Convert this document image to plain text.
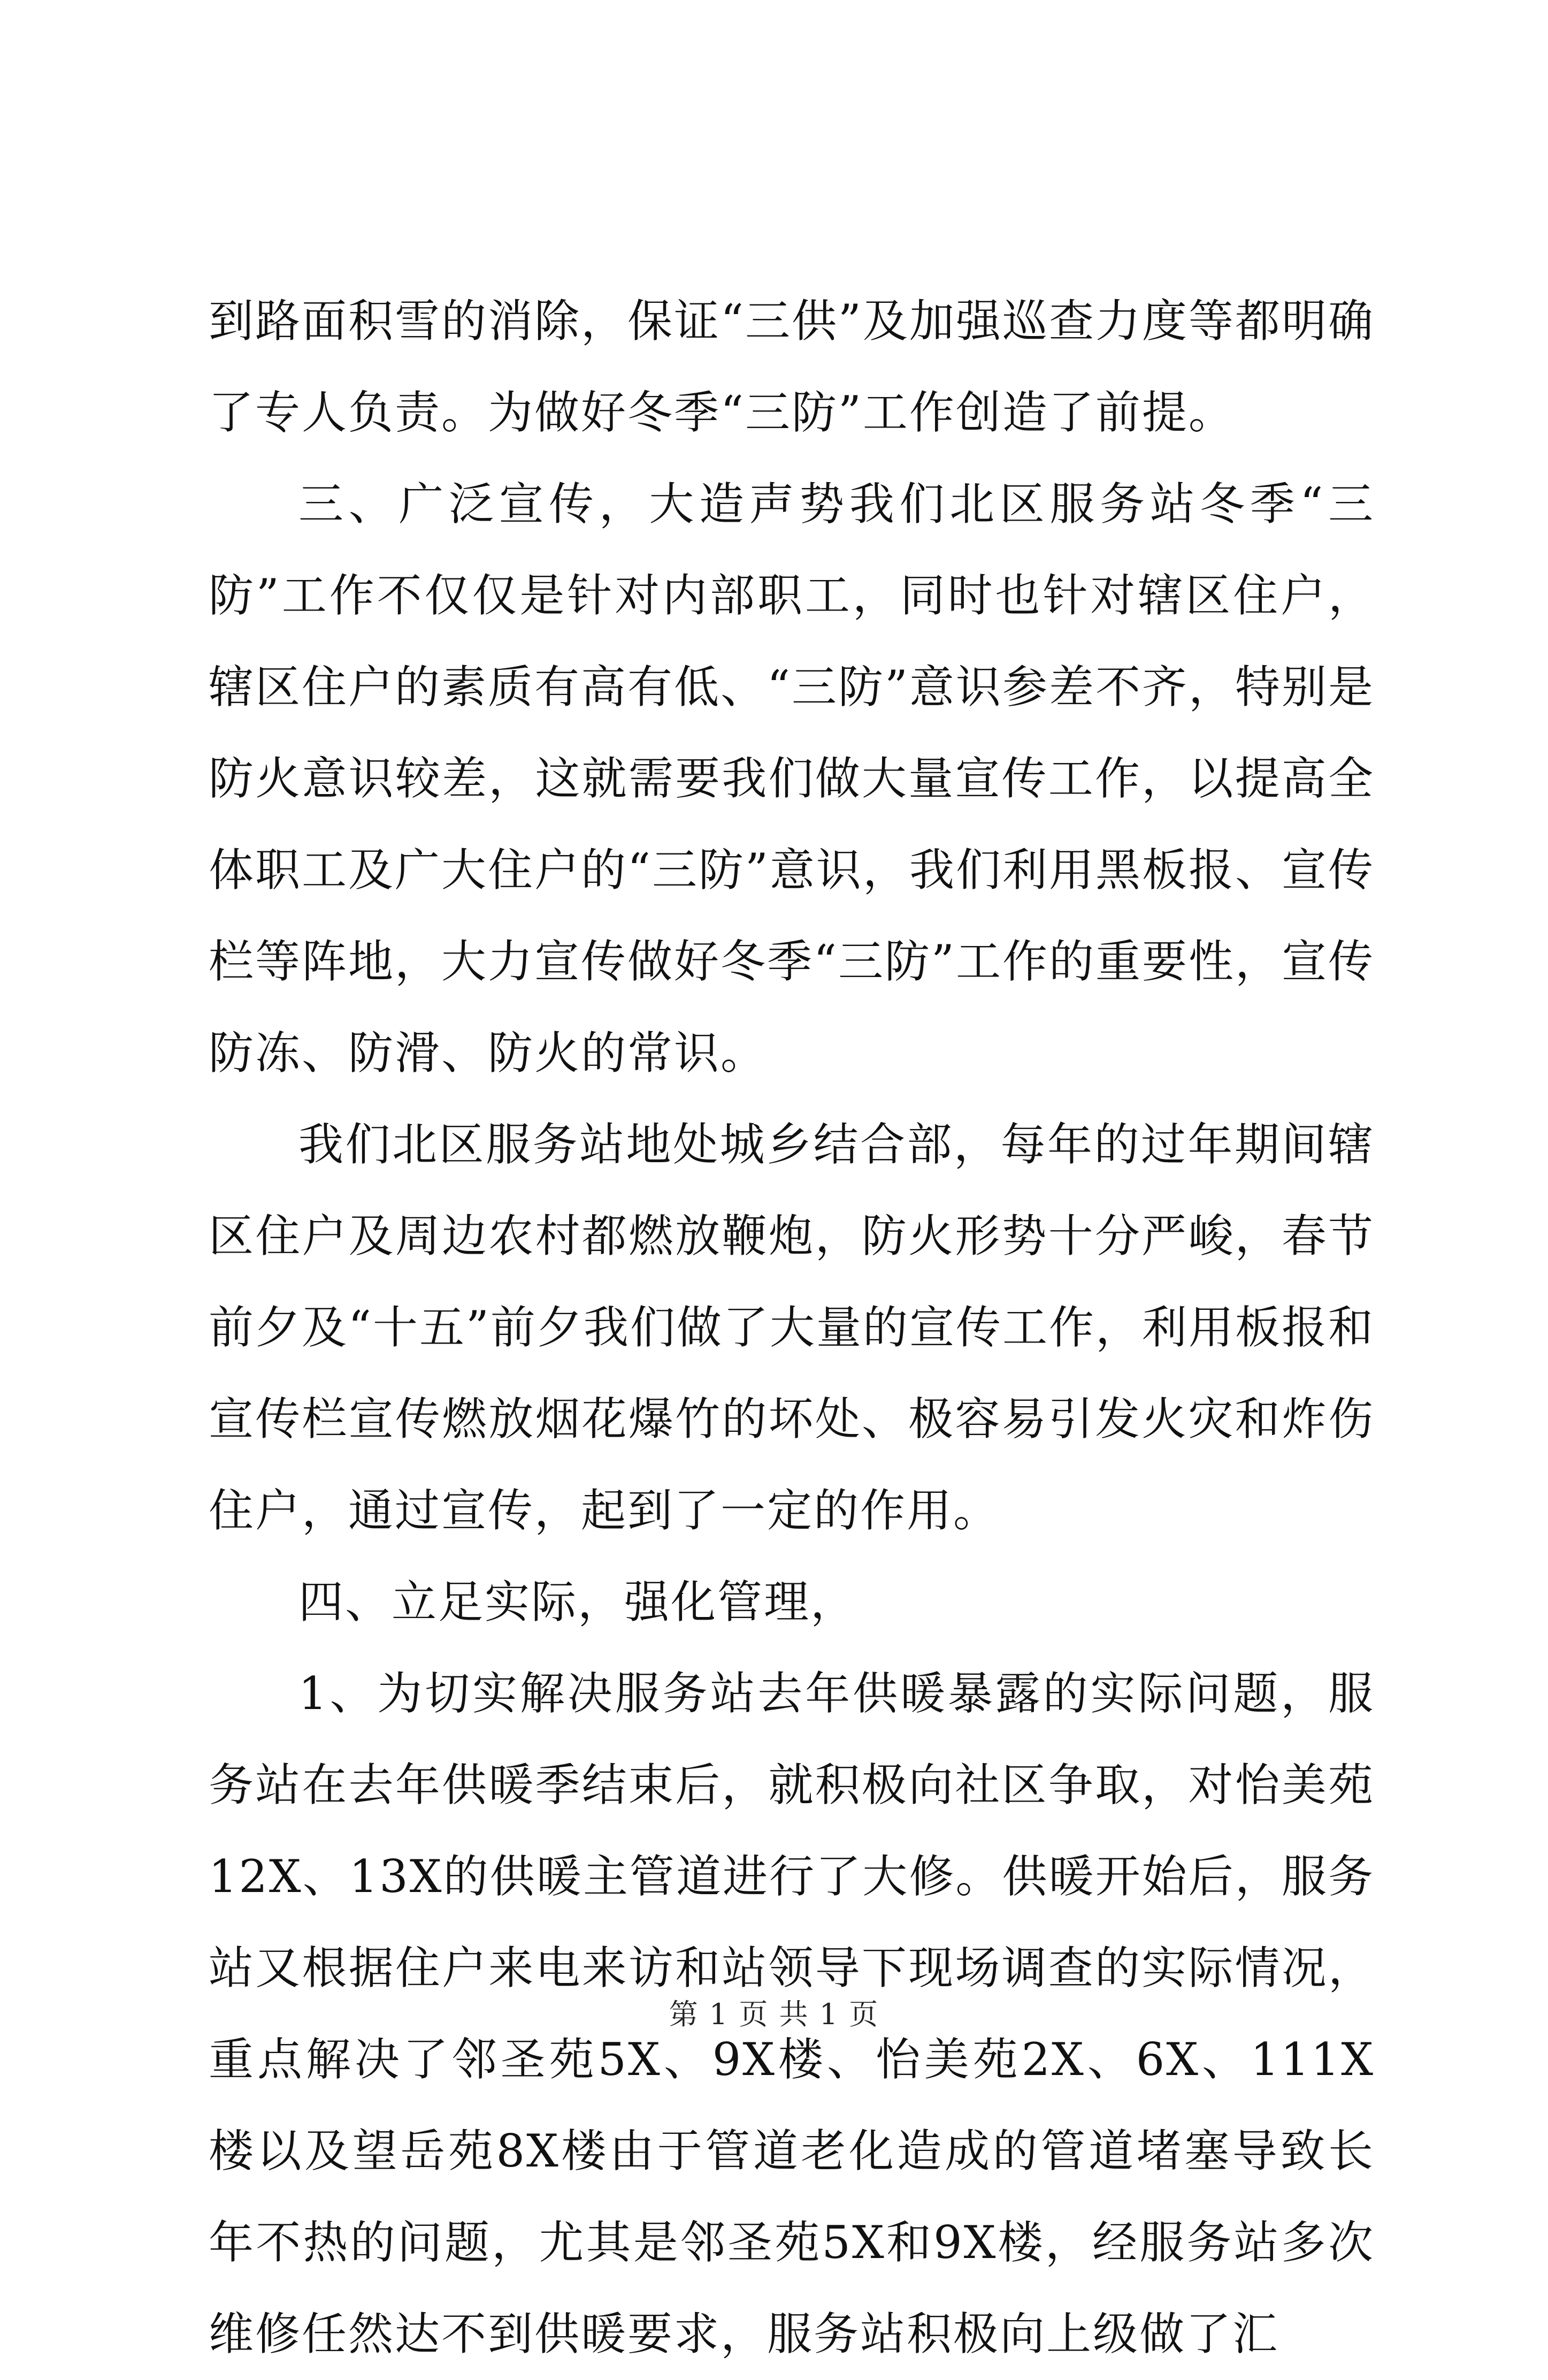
到路面积雪的消除，保证“三供”及加强巡查力度等都明确了专人负责。为做好冬季“三防”工作创造了前提。

三、广泛宣传，大造声势我们北区服务站冬季“三防”工作不仅仅是针对内部职工，同时也针对辖区住户，辖区住户的素质有高有低、“三防”意识参差不齐，特别是防火意识较差，这就需要我们做大量宣传工作，以提高全体职工及广大住户的“三防”意识，我们利用黑板报、宣传栏等阵地，大力宣传做好冬季“三防”工作的重要性，宣传防冻、防滑、防火的常识。

我们北区服务站地处城乡结合部，每年的过年期间辖区住户及周边农村都燃放鞭炮，防火形势十分严峻，春节前夕及“十五”前夕我们做了大量的宣传工作，利用板报和宣传栏宣传燃放烟花爆竹的坏处、极容易引发火灾和炸伤住户，通过宣传，起到了一定的作用。

四、立足实际，强化管理，

1、为切实解决服务站去年供暖暴露的实际问题，服务站在去年供暖季结束后，就积极向社区争取，对怡美苑12X、13X的供暖主管道进行了大修。供暖开始后，服务站又根据住户来电来访和站领导下现场调查的实际情况，重点解决了邻圣苑5X、9X楼、怡美苑2X、6X、111X楼以及望岳苑8X楼由于管道老化造成的管道堵塞导致长年不热的问题，尤其是邻圣苑5X和9X楼，经服务站多次维修任然达不到供暖要求，服务站积极向上级做了汇

第 1 页 共 1 页
